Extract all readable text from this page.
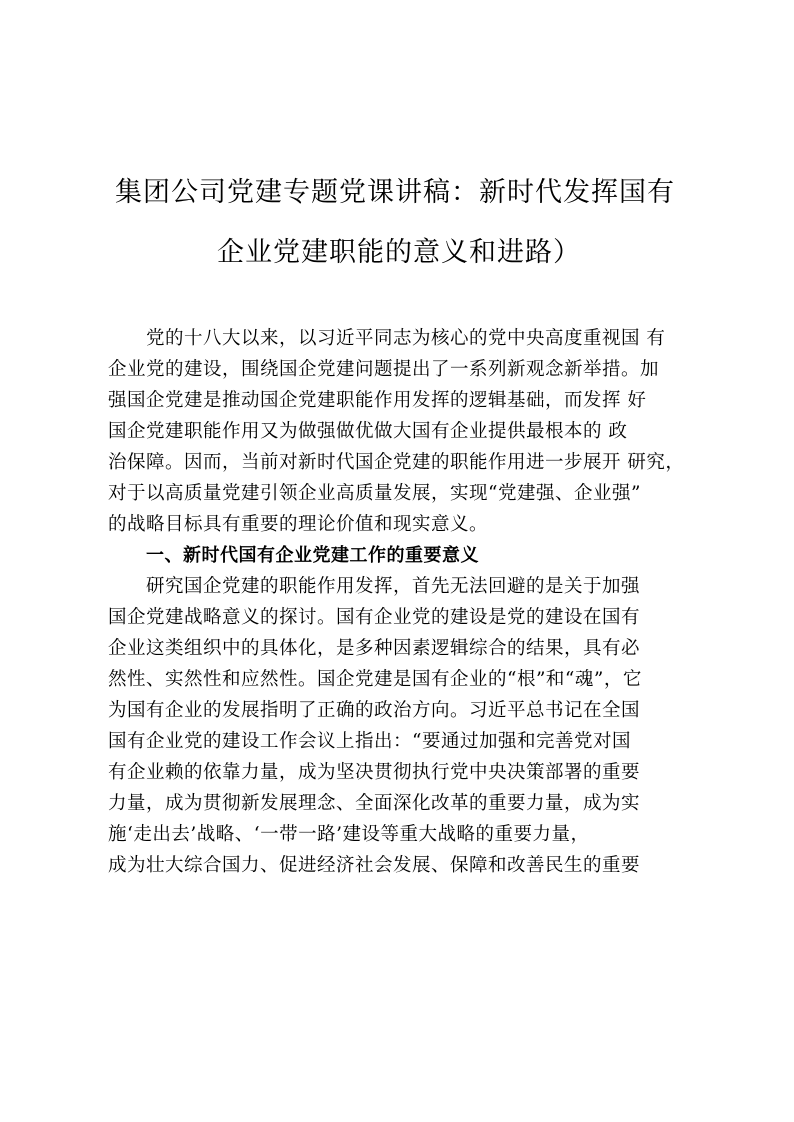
集团公司党建专题党课讲稿：新时代发挥国有
企业党建职能的意义和进路）
党的十八大以来，以习近平同志为核心的党中央高度重视国 有
企业党的建设，围绕国企党建问题提出了一系列新观念新举措。加
强国企党建是推动国企党建职能作用发挥的逻辑基础，而发挥 好
国企党建职能作用又为做强做优做大国有企业提供最根本的 政
治保障。因而，当前对新时代国企党建的职能作用进一步展开 研究，
对于以高质量党建引领企业高质量发展，实现“党建强、企业强”
的战略目标具有重要的理论价值和现实意义。
一、新时代国有企业党建工作的重要意义
研究国企党建的职能作用发挥，首先无法回避的是关于加强
国企党建战略意义的探讨。国有企业党的建设是党的建设在国有
企业这类组织中的具体化，是多种因素逻辑综合的结果，具有必
然性、实然性和应然性。国企党建是国有企业的“根”和“魂”，它
为国有企业的发展指明了正确的政治方向。习近平总书记在全国
国有企业党的建设工作会议上指出：“要通过加强和完善党对国
有企业赖的依靠力量，成为坚决贯彻执行党中央决策部署的重要
力量，成为贯彻新发展理念、全面深化改革的重要力量，成为实
施‘走出去’战略、‘一带一路’建设等重大战略的重要力量，
成为壮大综合国力、促进经济社会发展、保障和改善民生的重要
